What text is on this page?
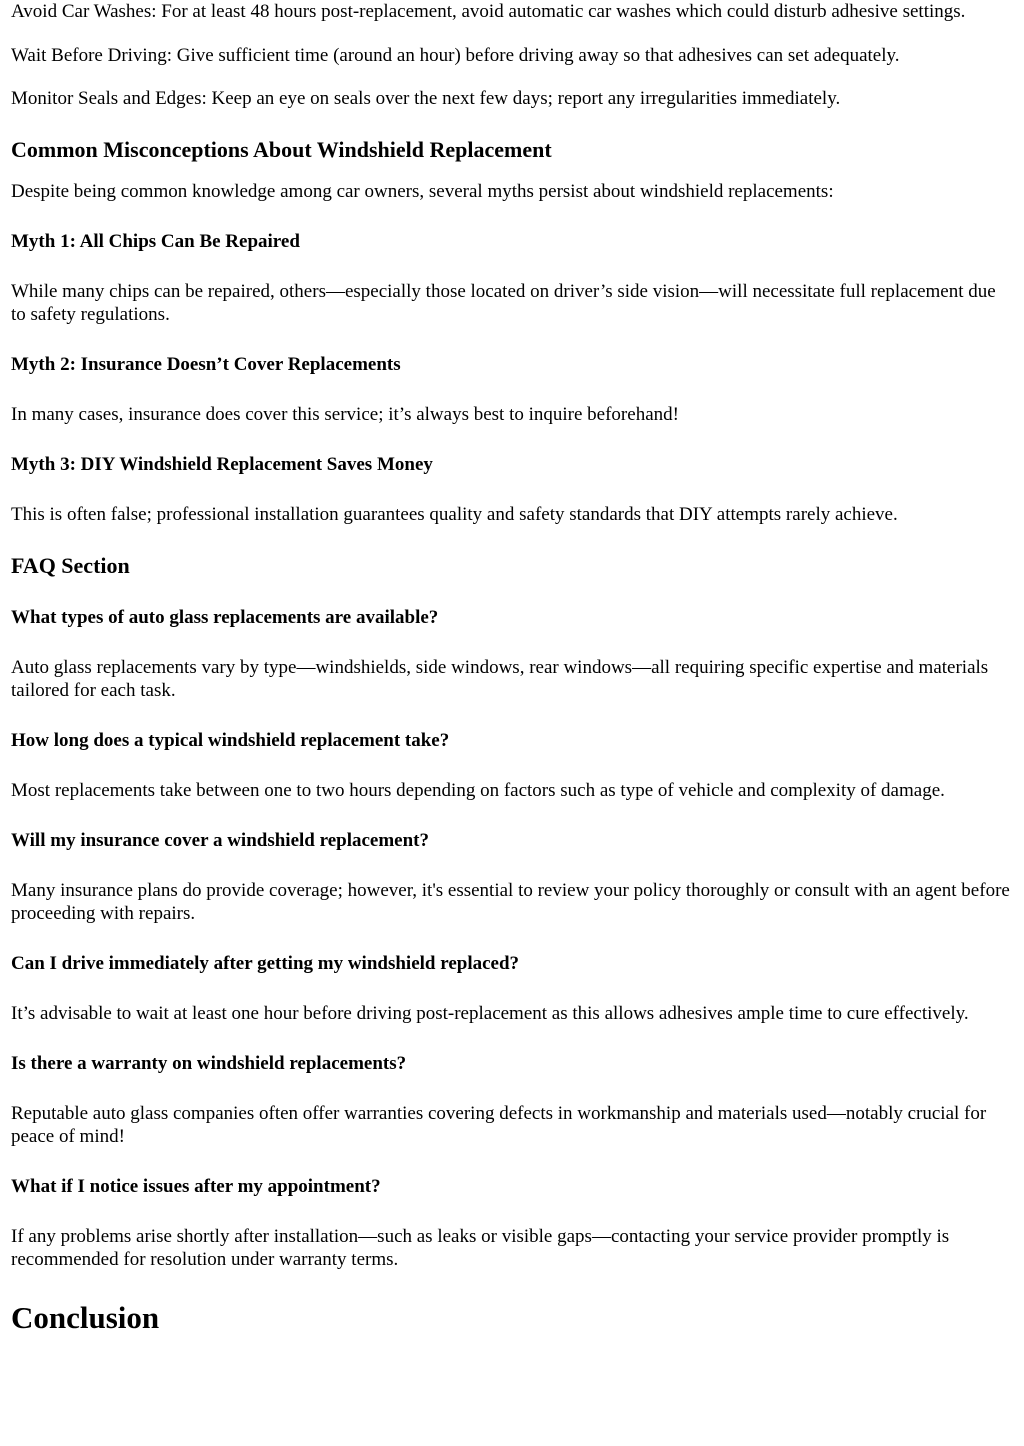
Avoid Car Washes: For at least 48 hours post-replacement, avoid automatic car washes which could disturb adhesive settings.

Wait Before Driving: Give sufficient time (around an hour) before driving away so that adhesives can set adequately.

Monitor Seals and Edges: Keep an eye on seals over the next few days; report any irregularities immediately.

Common Misconceptions About Windshield Replacement

Despite being common knowledge among car owners, several myths persist about windshield replacements:

Myth 1: All Chips Can Be Repaired

While many chips can be repaired, others—especially those located on driver’s side vision—will necessitate full replacement due to safety regulations.

Myth 2: Insurance Doesn’t Cover Replacements

In many cases, insurance does cover this service; it’s always best to inquire beforehand!

Myth 3: DIY Windshield Replacement Saves Money

This is often false; professional installation guarantees quality and safety standards that DIY attempts rarely achieve.

FAQ Section
What types of auto glass replacements are available?

Auto glass replacements vary by type—windshields, side windows, rear windows—all requiring specific expertise and materials tailored for each task.

How long does a typical windshield replacement take?

Most replacements take between one to two hours depending on factors such as type of vehicle and complexity of damage.

Will my insurance cover a windshield replacement?

Many insurance plans do provide coverage; however, it's essential to review your policy thoroughly or consult with an agent before proceeding with repairs.

Can I drive immediately after getting my windshield replaced?

It’s advisable to wait at least one hour before driving post-replacement as this allows adhesives ample time to cure effectively.

Is there a warranty on windshield replacements?

Reputable auto glass companies often offer warranties covering defects in workmanship and materials used—notably crucial for peace of mind!

What if I notice issues after my appointment?

If any problems arise shortly after installation—such as leaks or visible gaps—contacting your service provider promptly is recommended for resolution under warranty terms.

Conclusion
